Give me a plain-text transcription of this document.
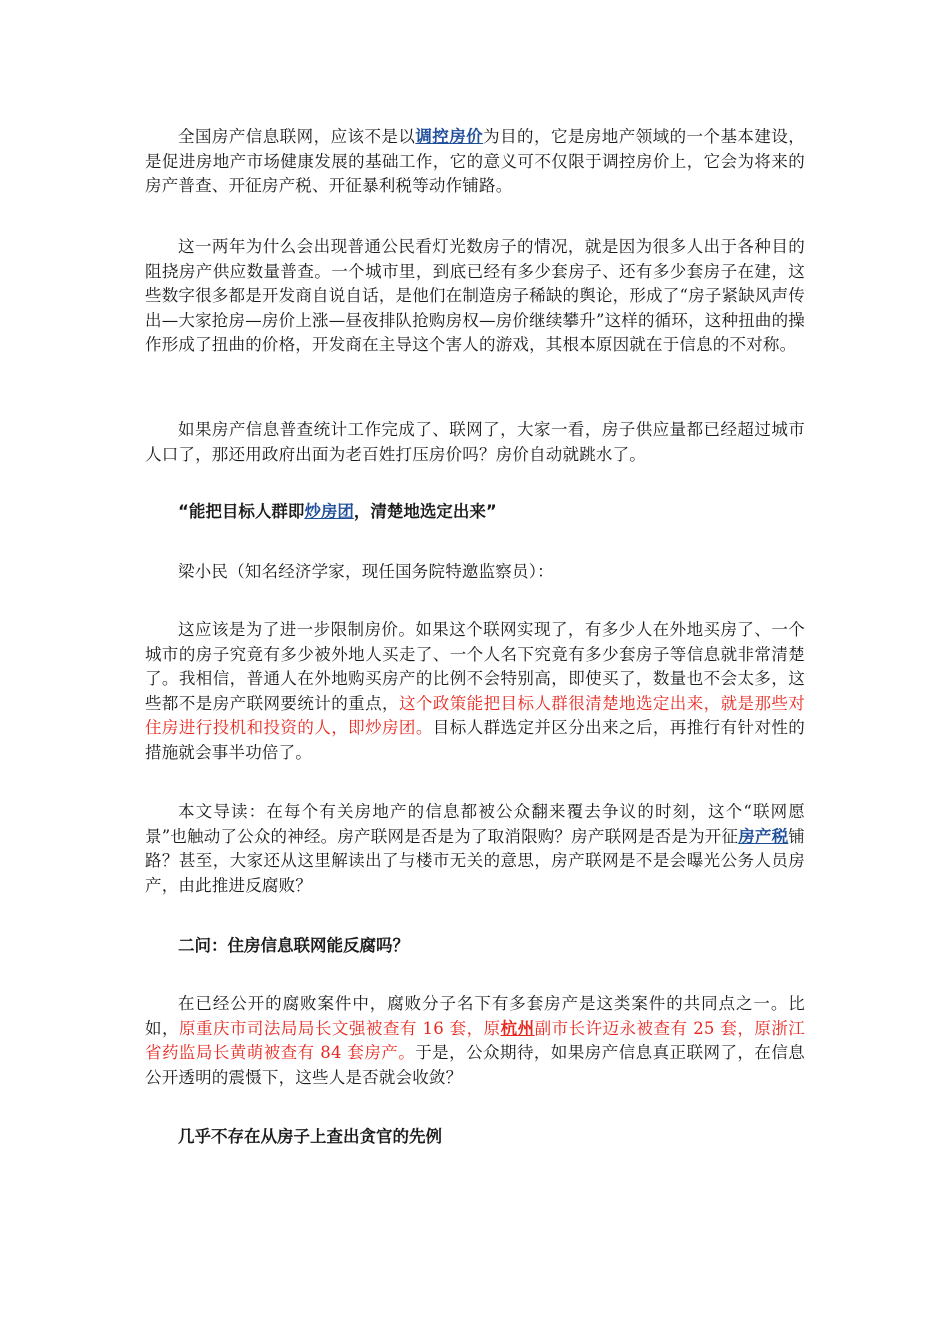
全国房产信息联网，应该不是以调控房价为目的，它是房地产领域的一个基本建设，是促进房地产市场健康发展的基础工作，它的意义可不仅限于调控房价上，它会为将来的房产普查、开征房产税、开征暴利税等动作铺路。

这一两年为什么会出现普通公民看灯光数房子的情况，就是因为很多人出于各种目的阻挠房产供应数量普查。一个城市里，到底已经有多少套房子、还有多少套房子在建，这些数字很多都是开发商自说自话，是他们在制造房子稀缺的舆论，形成了“房子紧缺风声传出—大家抢房—房价上涨—昼夜排队抢购房权—房价继续攀升”这样的循环，这种扭曲的操作形成了扭曲的价格，开发商在主导这个害人的游戏，其根本原因就在于信息的不对称。

如果房产信息普查统计工作完成了、联网了，大家一看，房子供应量都已经超过城市人口了，那还用政府出面为老百姓打压房价吗？房价自动就跳水了。

“能把目标人群即炒房团，清楚地选定出来”

梁小民（知名经济学家，现任国务院特邀监察员）：

这应该是为了进一步限制房价。如果这个联网实现了，有多少人在外地买房了、一个城市的房子究竟有多少被外地人买走了、一个人名下究竟有多少套房子等信息就非常清楚了。我相信，普通人在外地购买房产的比例不会特别高，即使买了，数量也不会太多，这些都不是房产联网要统计的重点，这个政策能把目标人群很清楚地选定出来，就是那些对住房进行投机和投资的人，即炒房团。目标人群选定并区分出来之后，再推行有针对性的措施就会事半功倍了。

本文导读：在每个有关房地产的信息都被公众翻来覆去争议的时刻，这个“联网愿景”也触动了公众的神经。房产联网是否是为了取消限购？房产联网是否是为开征房产税铺路？甚至，大家还从这里解读出了与楼市无关的意思，房产联网是不是会曝光公务人员房产，由此推进反腐败？

二问：住房信息联网能反腐吗？

在已经公开的腐败案件中，腐败分子名下有多套房产是这类案件的共同点之一。比如，原重庆市司法局局长文强被查有 16 套，原杭州副市长许迈永被查有 25 套，原浙江省药监局长黄萌被查有 84 套房产。于是，公众期待，如果房产信息真正联网了，在信息公开透明的震慑下，这些人是否就会收敛？

几乎不存在从房子上查出贪官的先例
